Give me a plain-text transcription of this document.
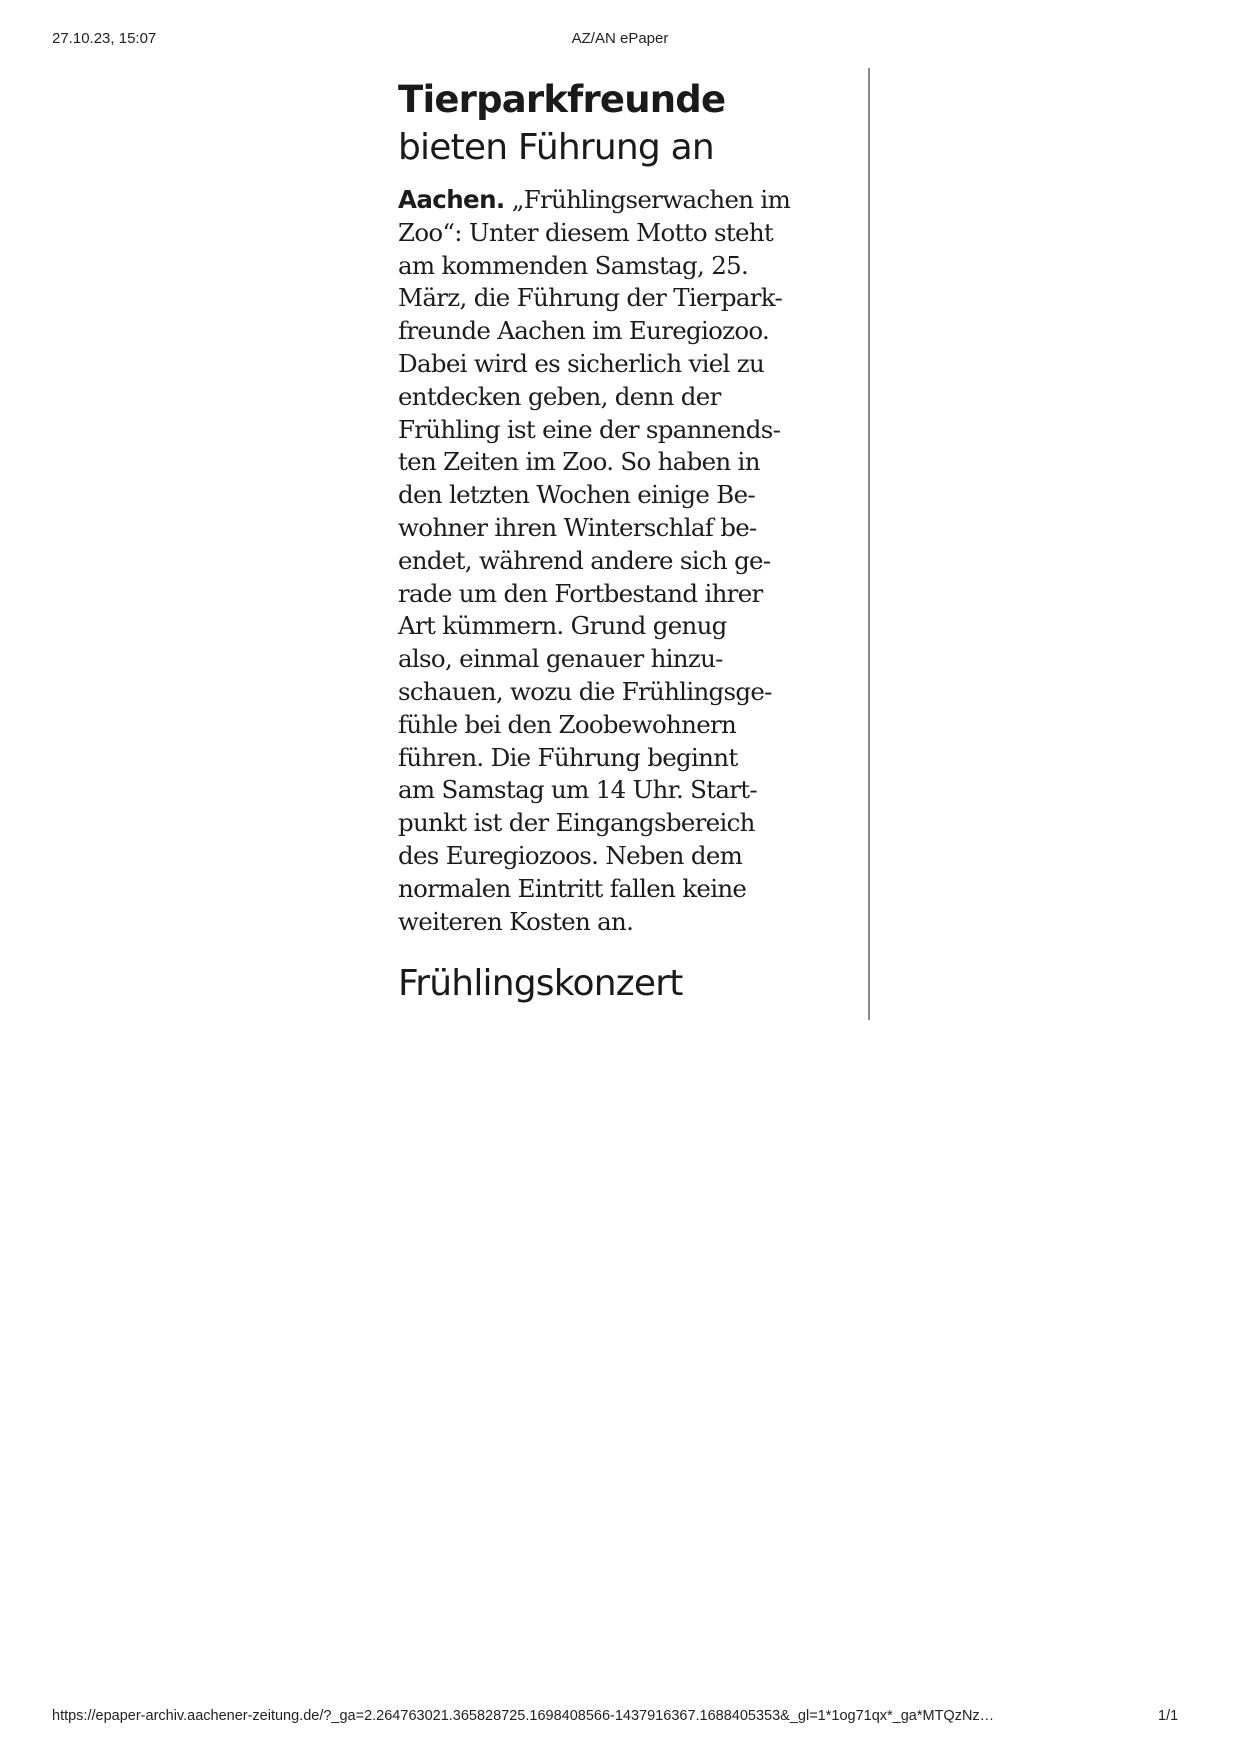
27.10.23, 15:07	AZ/AN ePaper
Tierparkfreunde
bieten Führung an
Aachen. „Frühlingserwachen im
Zoo“: Unter diesem Motto steht
am kommenden Samstag, 25.
März, die Führung der Tierpark-
freunde Aachen im Euregiozoo.
Dabei wird es sicherlich viel zu
entdecken geben, denn der
Frühling ist eine der spannends-
ten Zeiten im Zoo. So haben in
den letzten Wochen einige Be-
wohner ihren Winterschlaf be-
endet, während andere sich ge-
rade um den Fortbestand ihrer
Art kümmern. Grund genug
also, einmal genauer hinzu-
schauen, wozu die Frühlingsge-
fühle bei den Zoobewohnern
führen. Die Führung beginnt
am Samstag um 14 Uhr. Start-
punkt ist der Eingangsbereich
des Euregiozoos. Neben dem
normalen Eintritt fallen keine
weiteren Kosten an.
Frühlingskonzert
https://epaper-archiv.aachener-zeitung.de/?_ga=2.264763021.365828725.1698408566-1437916367.1688405353&_gl=1*1og71qx*_ga*MTQzNz…	1/1
